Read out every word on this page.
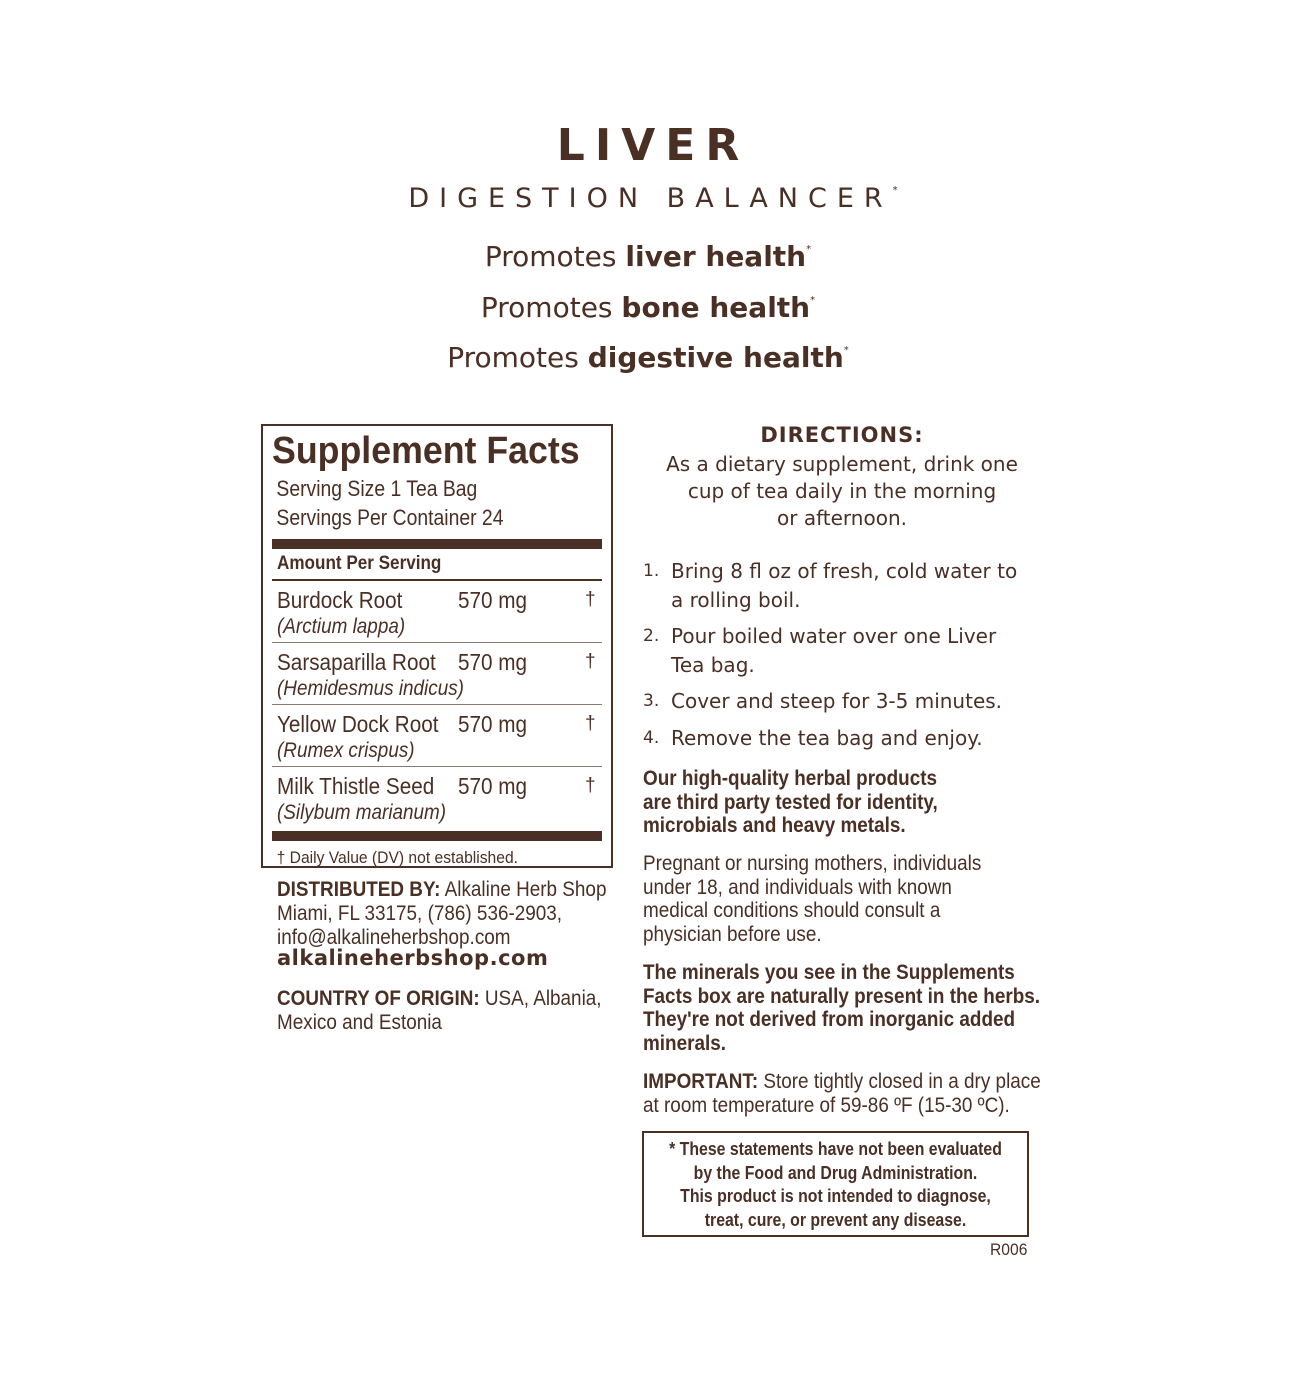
LIVER
DIGESTION BALANCER*
Promotes liver health*
Promotes bone health*
Promotes digestive health*
Supplement Facts
Serving Size 1 Tea Bag
Servings Per Container 24
Amount Per Serving
Burdock Root 570 mg	†
(Arctium lappa)
Sarsaparilla Root 570 mg	†
(Hemidesmus indicus)
Yellow Dock Root 570 mg	†
(Rumex crispus)
Milk Thistle Seed 570 mg	†
(Silybum marianum)
† Daily Value (DV) not established.
DISTRIBUTED BY: Alkaline Herb Shop
Miami, FL 33175, (786) 536-2903,
info@alkalineherbshop.com
alkalineherbshop.com
COUNTRY OF ORIGIN: USA, Albania,
Mexico and Estonia
DIRECTIONS:
As a dietary supplement, drink one
cup of tea daily in the morning
or afternoon.
1. Bring 8 fl oz of fresh, cold water to
a rolling boil.
2. Pour boiled water over one Liver
Tea bag.
3. Cover and steep for 3-5 minutes.
4. Remove the tea bag and enjoy.
Our high-quality herbal products
are third party tested for identity,
microbials and heavy metals.
Pregnant or nursing mothers, individuals
under 18, and individuals with known
medical conditions should consult a
physician before use.
The minerals you see in the Supplements
Facts box are naturally present in the herbs.
They're not derived from inorganic added
minerals.
IMPORTANT: Store tightly closed in a dry place
at room temperature of 59-86 ºF (15-30 ºC).
* These statements have not been evaluated
by the Food and Drug Administration.
This product is not intended to diagnose,
treat, cure, or prevent any disease.
R006
